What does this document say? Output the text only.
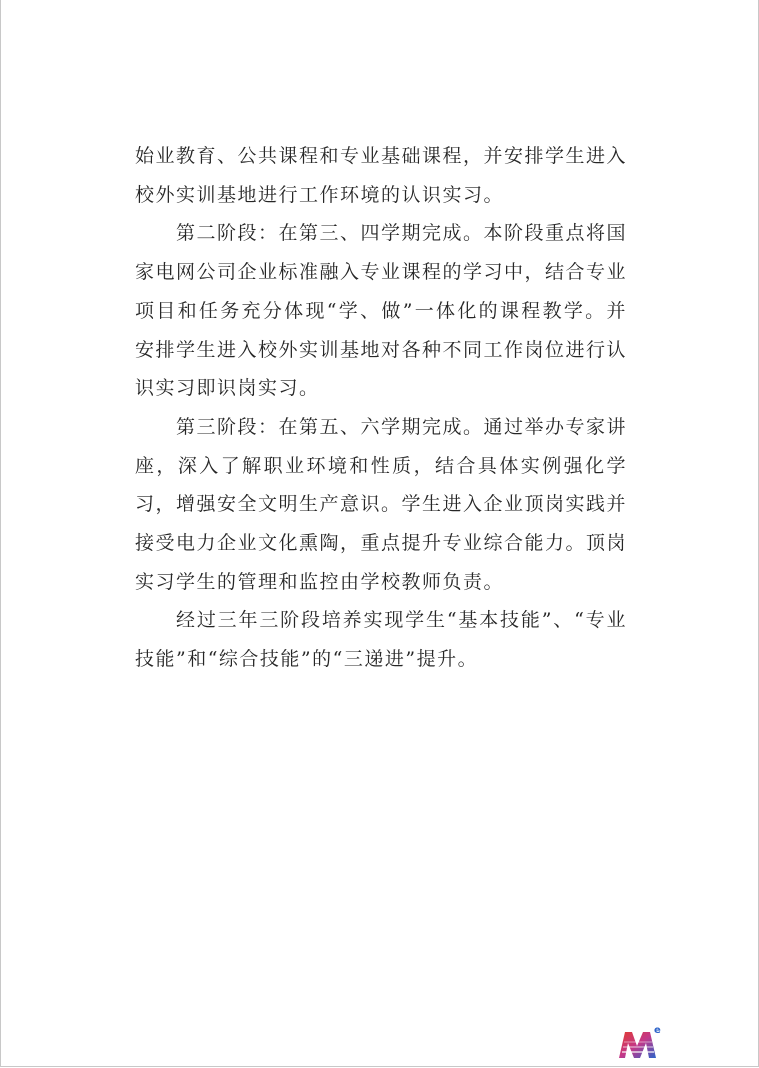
始业教育、公共课程和专业基础课程，并安排学生进入校外实训基地进行工作环境的认识实习。

第二阶段：在第三、四学期完成。本阶段重点将国家电网公司企业标准融入专业课程的学习中，结合专业项目和任务充分体现“学、做”一体化的课程教学。并安排学生进入校外实训基地对各种不同工作岗位进行认识实习即识岗实习。

第三阶段：在第五、六学期完成。通过举办专家讲座，深入了解职业环境和性质，结合具体实例强化学习，增强安全文明生产意识。学生进入企业顶岗实践并接受电力企业文化熏陶，重点提升专业综合能力。顶岗实习学生的管理和监控由学校教师负责。

经过三年三阶段培养实现学生“基本技能”、“专业技能”和“综合技能”的“三递进”提升。

e
